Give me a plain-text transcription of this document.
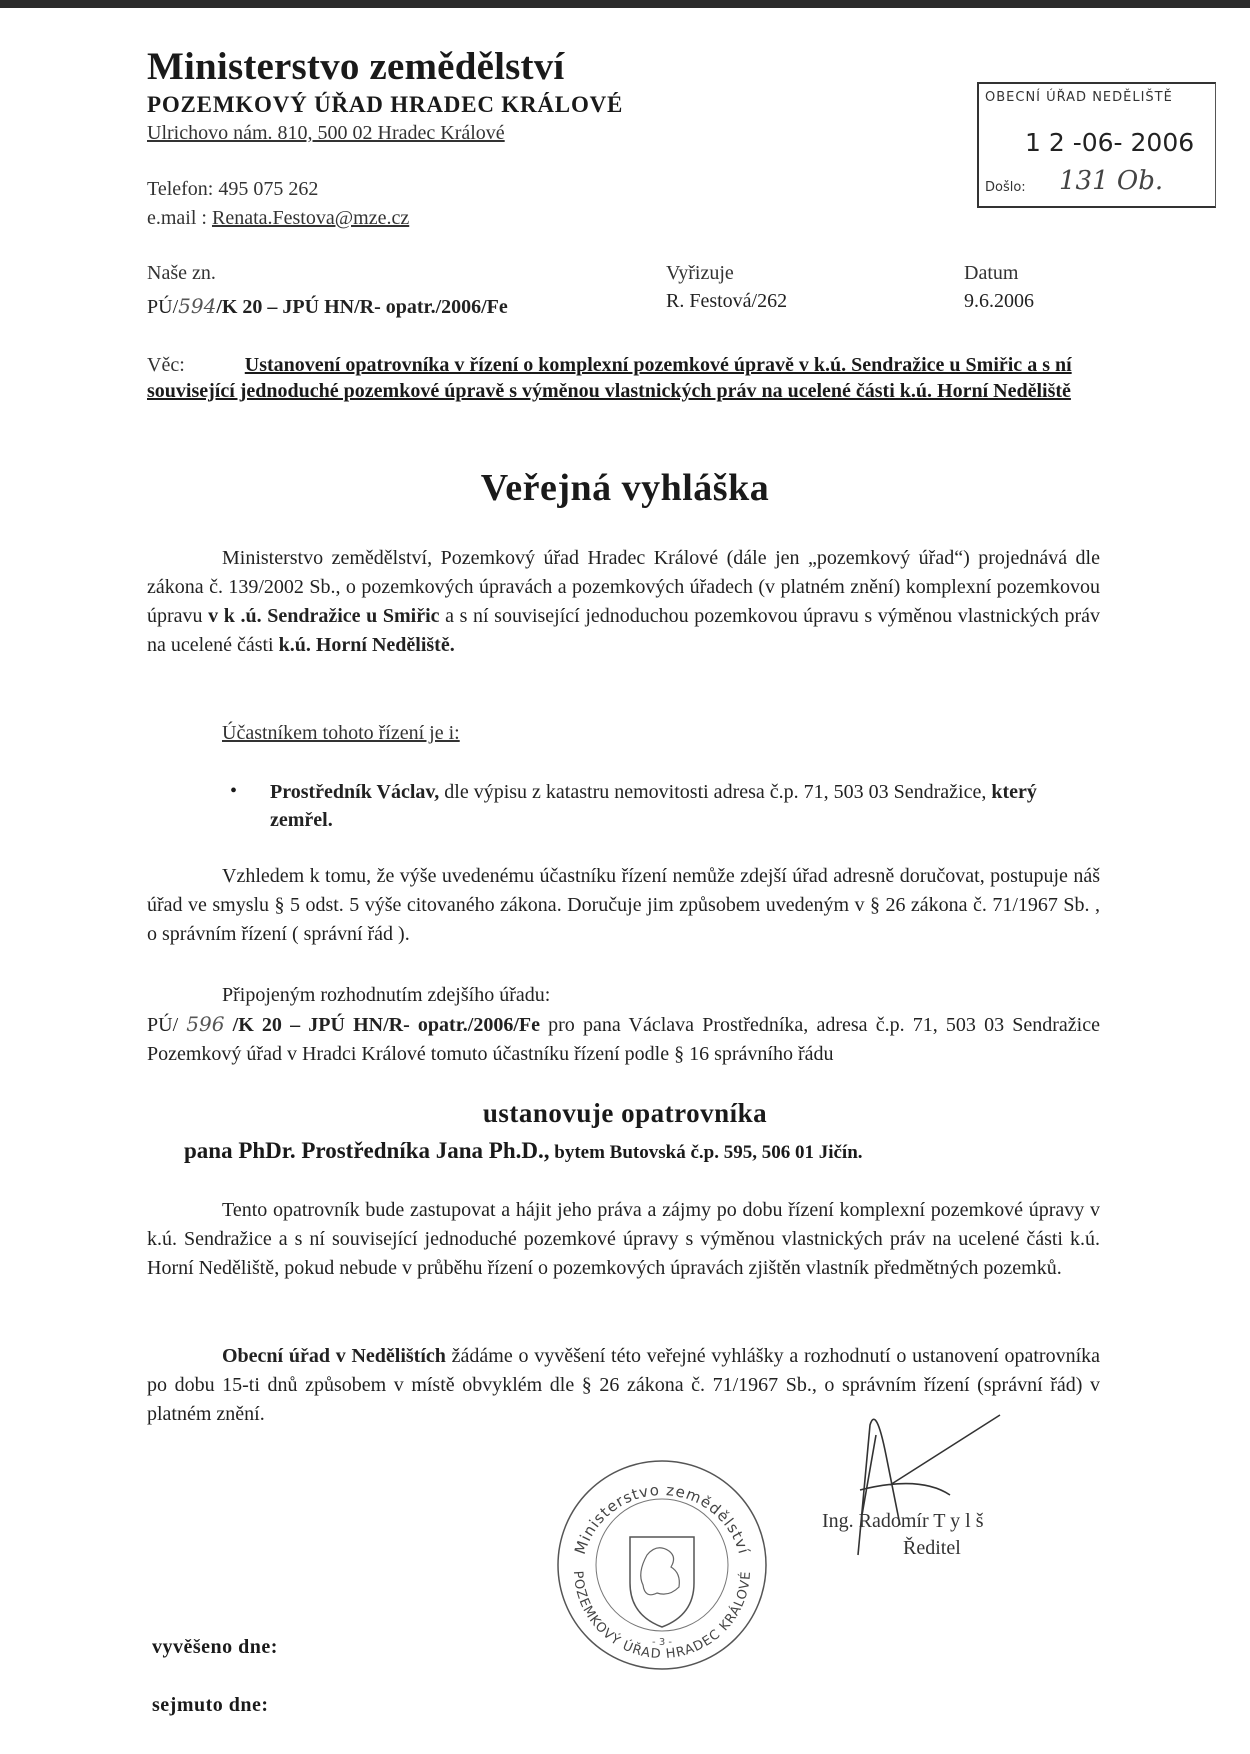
Ministerstvo zemědělství
POZEMKOVÝ ÚŘAD HRADEC KRÁLOVÉ
Ulrichovo nám. 810, 500 02 Hradec Králové
Telefon: 495 075 262
e.mail : Renata.Festova@mze.cz
OBECNÍ ÚŘAD NEDĚLIŠTĚ
1 2 -06- 2006
Došlo: 131 Ob.
Naše zn.
PÚ/594/K 20 – JPÚ HN/R- opatr./2006/Fe
Vyřizuje
R. Festová/262
Datum
9.6.2006
Věc:	Ustanovení opatrovníka v řízení o komplexní pozemkové úpravě v k.ú. Sendražice u Smiřic a s ní související jednoduché pozemkové úpravě s výměnou vlastnických práv na ucelené části k.ú. Horní Neděliště
Veřejná vyhláška
Ministerstvo zemědělství, Pozemkový úřad Hradec Králové (dále jen „pozemkový úřad“) projednává dle zákona č. 139/2002 Sb., o pozemkových úpravách a pozemkových úřadech (v platném znění) komplexní pozemkovou úpravu v k .ú. Sendražice u Smiřic a s ní související jednoduchou pozemkovou úpravu s výměnou vlastnických práv na ucelené části k.ú. Horní Neděliště.
Účastníkem tohoto řízení je i:
• Prostředník Václav, dle výpisu z katastru nemovitosti adresa č.p. 71, 503 03 Sendražice, který zemřel.
Vzhledem k tomu, že výše uvedenému účastníku řízení nemůže zdejší úřad adresně doručovat, postupuje náš úřad ve smyslu § 5 odst. 5 výše citovaného zákona. Doručuje jim způsobem uvedeným v § 26 zákona č. 71/1967 Sb. , o správním řízení ( správní řád ).
Připojeným rozhodnutím zdejšího úřadu:
PÚ/ 596 /K 20 – JPÚ HN/R- opatr./2006/Fe pro pana Václava Prostředníka, adresa č.p. 71, 503 03 Sendražice Pozemkový úřad v Hradci Králové tomuto účastníku řízení podle § 16 správního řádu
ustanovuje opatrovníka
pana PhDr. Prostředníka Jana Ph.D., bytem Butovská č.p. 595, 506 01 Jičín.
Tento opatrovník bude zastupovat a hájit jeho práva a zájmy po dobu řízení komplexní pozemkové úpravy v k.ú. Sendražice a s ní související jednoduché pozemkové úpravy s výměnou vlastnických práv na ucelené části k.ú. Horní Neděliště, pokud nebude v průběhu řízení o pozemkových úpravách zjištěn vlastník předmětných pozemků.
Obecní úřad v Nedělištích žádáme o vyvěšení této veřejné vyhlášky a rozhodnutí o ustanovení opatrovníka po dobu 15-ti dnů způsobem v místě obvyklém dle § 26 zákona č. 71/1967 Sb., o správním řízení (správní řád) v platném znění.
Ministerstvo zemědělství
POZEMKOVÝ ÚŘAD HRADEC KRÁLOVÉ
- 3 -
Ing. Radomír T y l š
Ředitel
vyvěšeno dne:
sejmuto dne:
